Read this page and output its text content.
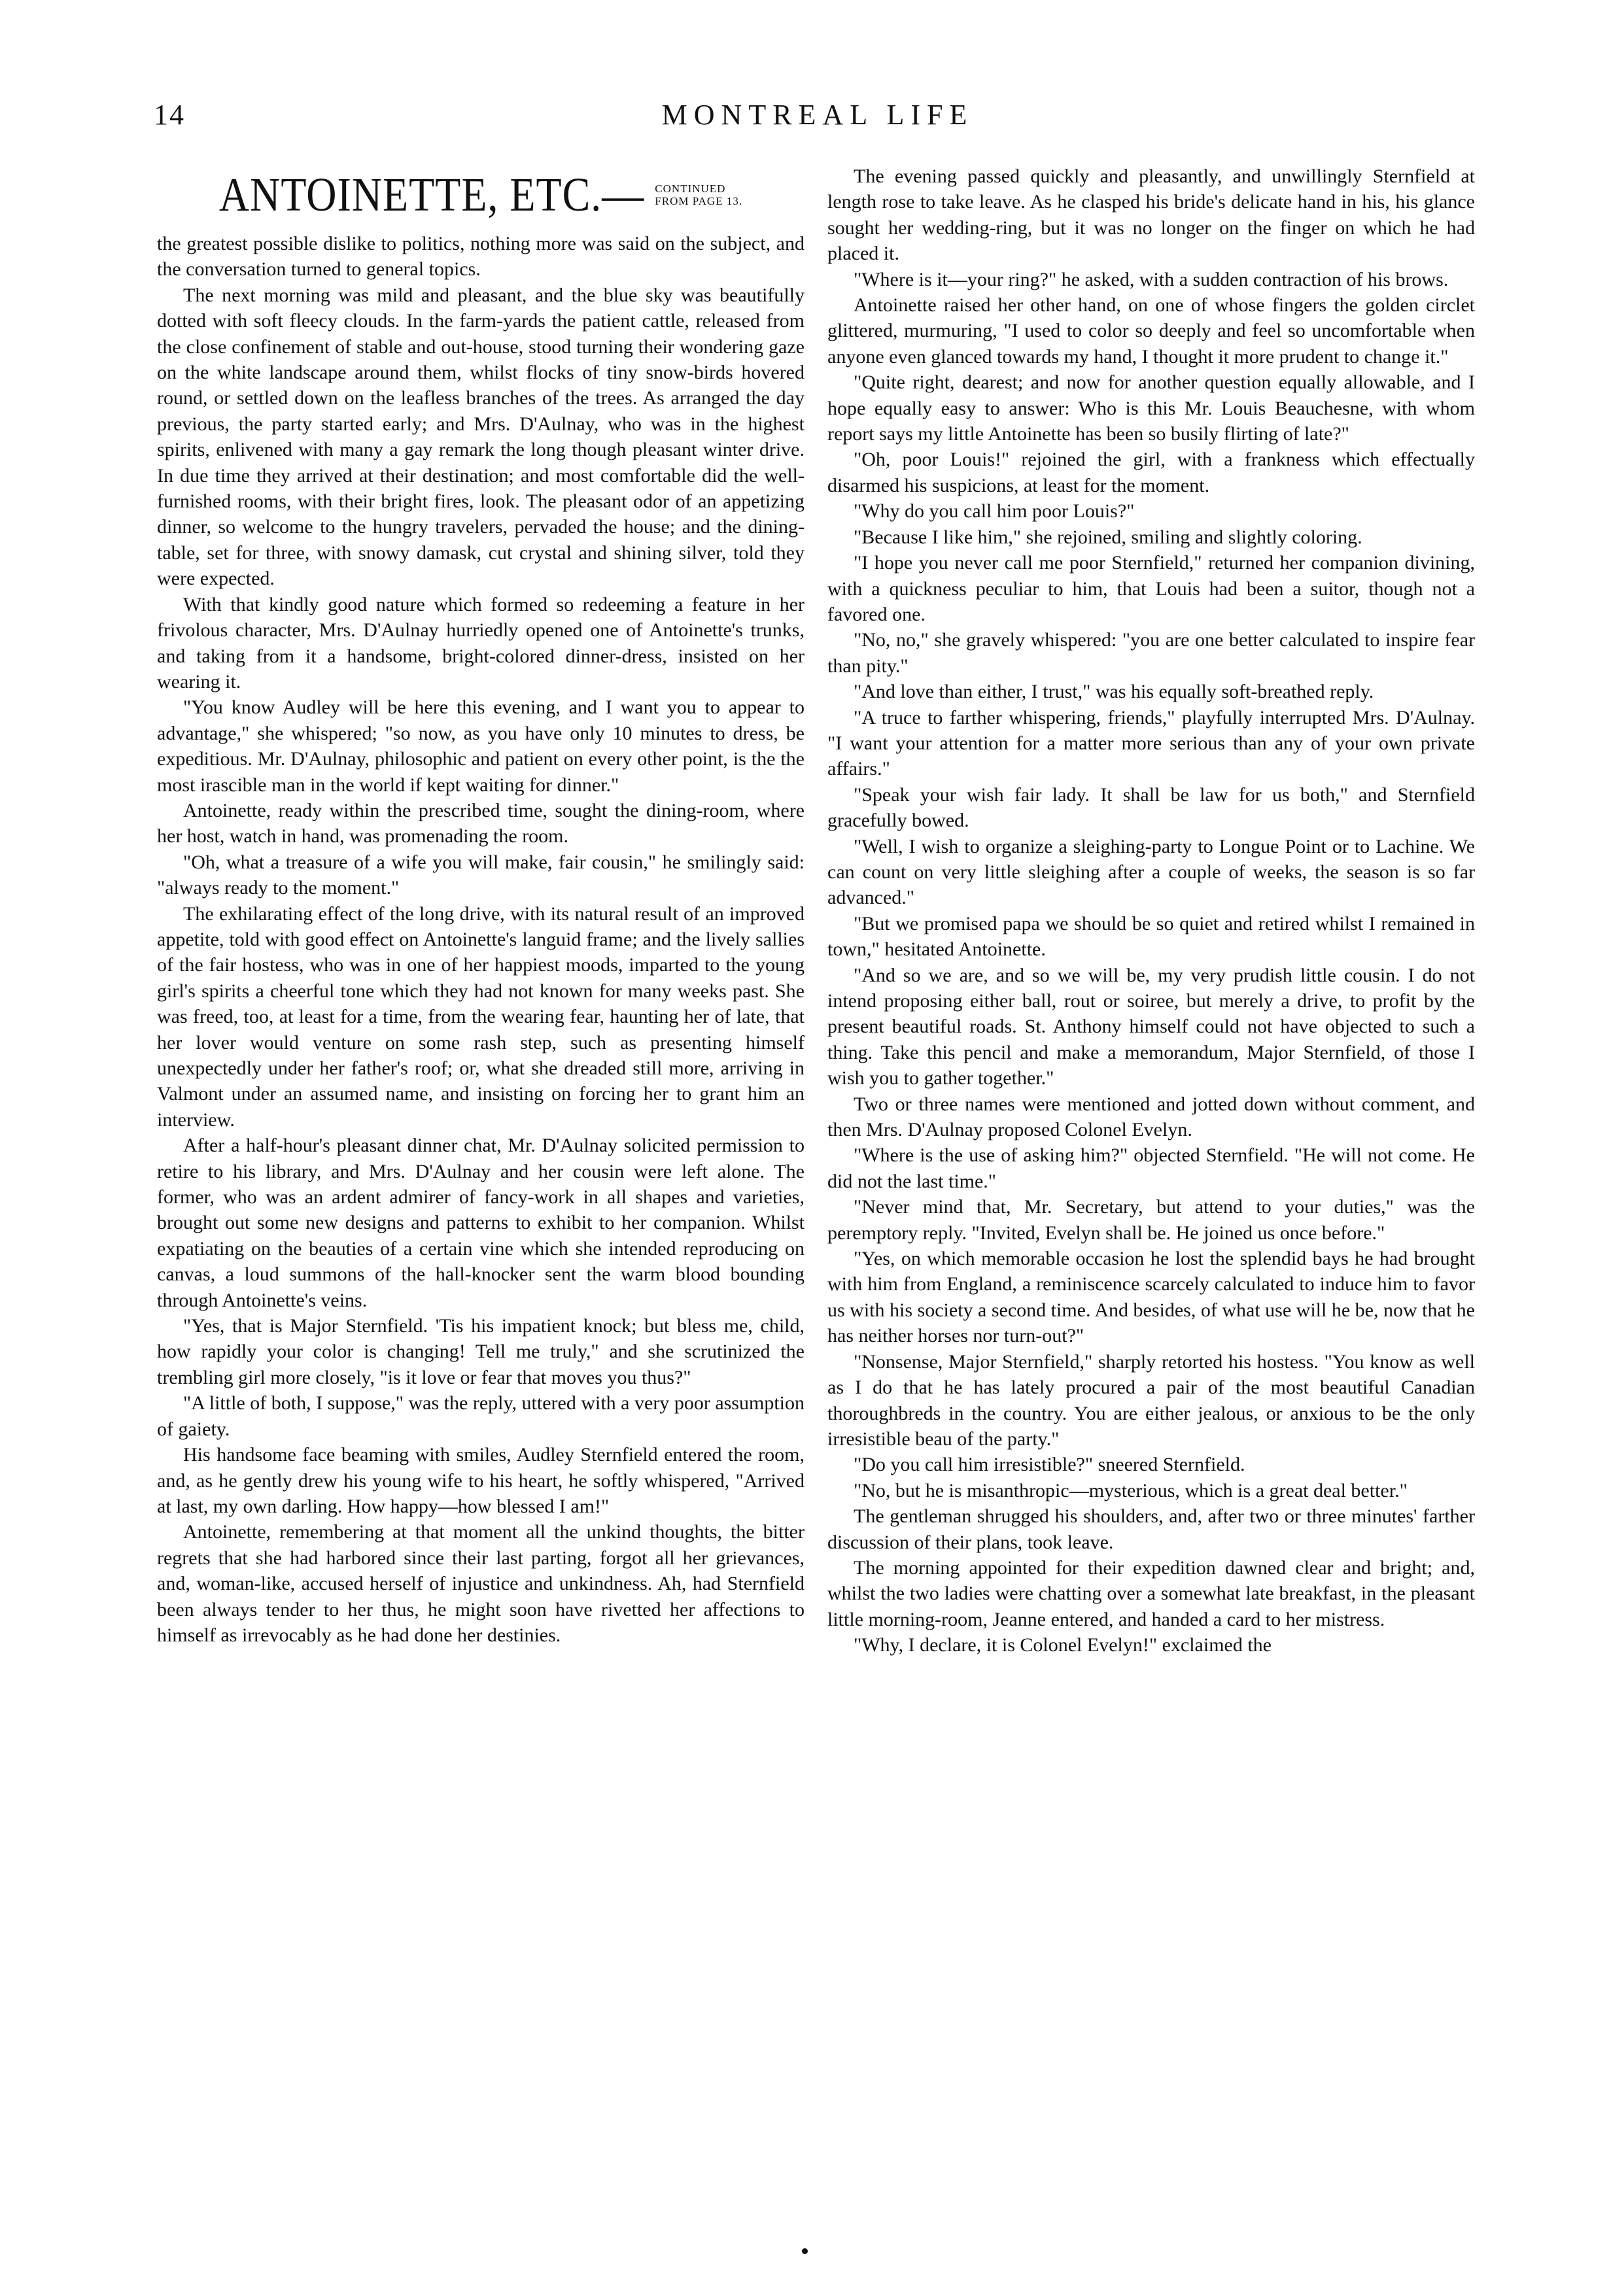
14	MONTREAL LIFE
ANTOINETTE, ETC.— CONTINUED
FROM PAGE 13.

the greatest possible dislike to politics, nothing more was said on the subject, and the conversation turned to general topics.

The next morning was mild and pleasant, and the blue sky was beautifully dotted with soft fleecy clouds. In the farm-yards the patient cattle, released from the close confinement of stable and out-house, stood turning their wondering gaze on the white landscape around them, whilst flocks of tiny snow-birds hovered round, or settled down on the leafless branches of the trees. As arranged the day previous, the party started early; and Mrs. D'Aulnay, who was in the highest spirits, enlivened with many a gay remark the long though pleasant winter drive. In due time they arrived at their destination; and most comfortable did the well-furnished rooms, with their bright fires, look. The pleasant odor of an appetizing dinner, so welcome to the hungry travelers, pervaded the house; and the dining-table, set for three, with snowy damask, cut crystal and shining silver, told they were expected.

With that kindly good nature which formed so redeeming a feature in her frivolous character, Mrs. D'Aulnay hurriedly opened one of Antoinette's trunks, and taking from it a handsome, bright-colored dinner-dress, insisted on her wearing it.

"You know Audley will be here this evening, and I want you to appear to advantage," she whispered; "so now, as you have only 10 minutes to dress, be expeditious. Mr. D'Aulnay, philosophic and patient on every other point, is the the most irascible man in the world if kept waiting for dinner."

Antoinette, ready within the prescribed time, sought the dining-room, where her host, watch in hand, was promenading the room.

"Oh, what a treasure of a wife you will make, fair cousin," he smilingly said: "always ready to the moment."

The exhilarating effect of the long drive, with its natural result of an improved appetite, told with good effect on Antoinette's languid frame; and the lively sallies of the fair hostess, who was in one of her happiest moods, imparted to the young girl's spirits a cheerful tone which they had not known for many weeks past. She was freed, too, at least for a time, from the wearing fear, haunting her of late, that her lover would venture on some rash step, such as presenting himself unexpectedly under her father's roof; or, what she dreaded still more, arriving in Valmont under an assumed name, and insisting on forcing her to grant him an interview.

After a half-hour's pleasant dinner chat, Mr. D'Aulnay solicited permission to retire to his library, and Mrs. D'Aulnay and her cousin were left alone. The former, who was an ardent admirer of fancy-work in all shapes and varieties, brought out some new designs and patterns to exhibit to her companion. Whilst expatiating on the beauties of a certain vine which she intended reproducing on canvas, a loud summons of the hall-knocker sent the warm blood bounding through Antoinette's veins.

"Yes, that is Major Sternfield. 'Tis his impatient knock; but bless me, child, how rapidly your color is changing! Tell me truly," and she scrutinized the trembling girl more closely, "is it love or fear that moves you thus?"

"A little of both, I suppose," was the reply, uttered with a very poor assumption of gaiety.

His handsome face beaming with smiles, Audley Sternfield entered the room, and, as he gently drew his young wife to his heart, he softly whispered, "Arrived at last, my own darling. How happy—how blessed I am!"

Antoinette, remembering at that moment all the unkind thoughts, the bitter regrets that she had harbored since their last parting, forgot all her grievances, and, woman-like, accused herself of injustice and unkindness. Ah, had Sternfield been always tender to her thus, he might soon have rivetted her affections to himself as irrevocably as he had done her destinies.

The evening passed quickly and pleasantly, and unwillingly Sternfield at length rose to take leave. As he clasped his bride's delicate hand in his, his glance sought her wedding-ring, but it was no longer on the finger on which he had placed it.

"Where is it—your ring?" he asked, with a sudden contraction of his brows.

Antoinette raised her other hand, on one of whose fingers the golden circlet glittered, murmuring, "I used to color so deeply and feel so uncomfortable when anyone even glanced towards my hand, I thought it more prudent to change it."

"Quite right, dearest; and now for another question equally allowable, and I hope equally easy to answer: Who is this Mr. Louis Beauchesne, with whom report says my little Antoinette has been so busily flirting of late?"

"Oh, poor Louis!" rejoined the girl, with a frankness which effectually disarmed his suspicions, at least for the moment.

"Why do you call him poor Louis?"

"Because I like him," she rejoined, smiling and slightly coloring.

"I hope you never call me poor Sternfield," returned her companion divining, with a quickness peculiar to him, that Louis had been a suitor, though not a favored one.

"No, no," she gravely whispered: "you are one better calculated to inspire fear than pity."

"And love than either, I trust," was his equally soft-breathed reply.

"A truce to farther whispering, friends," playfully interrupted Mrs. D'Aulnay. "I want your attention for a matter more serious than any of your own private affairs."

"Speak your wish fair lady. It shall be law for us both," and Sternfield gracefully bowed.

"Well, I wish to organize a sleighing-party to Longue Point or to Lachine. We can count on very little sleighing after a couple of weeks, the season is so far advanced."

"But we promised papa we should be so quiet and retired whilst I remained in town," hesitated Antoinette.

"And so we are, and so we will be, my very prudish little cousin. I do not intend proposing either ball, rout or soiree, but merely a drive, to profit by the present beautiful roads. St. Anthony himself could not have objected to such a thing. Take this pencil and make a memorandum, Major Sternfield, of those I wish you to gather together."

Two or three names were mentioned and jotted down without comment, and then Mrs. D'Aulnay proposed Colonel Evelyn.

"Where is the use of asking him?" objected Sternfield. "He will not come. He did not the last time."

"Never mind that, Mr. Secretary, but attend to your duties," was the peremptory reply. "Invited, Evelyn shall be. He joined us once before."

"Yes, on which memorable occasion he lost the splendid bays he had brought with him from England, a reminiscence scarcely calculated to induce him to favor us with his society a second time. And besides, of what use will he be, now that he has neither horses nor turn-out?"

"Nonsense, Major Sternfield," sharply retorted his hostess. "You know as well as I do that he has lately procured a pair of the most beautiful Canadian thoroughbreds in the country. You are either jealous, or anxious to be the only irresistible beau of the party."

"Do you call him irresistible?" sneered Sternfield.

"No, but he is misanthropic—mysterious, which is a great deal better."

The gentleman shrugged his shoulders, and, after two or three minutes' farther discussion of their plans, took leave.

The morning appointed for their expedition dawned clear and bright; and, whilst the two ladies were chatting over a somewhat late breakfast, in the pleasant little morning-room, Jeanne entered, and handed a card to her mistress.

"Why, I declare, it is Colonel Evelyn!" exclaimed the
